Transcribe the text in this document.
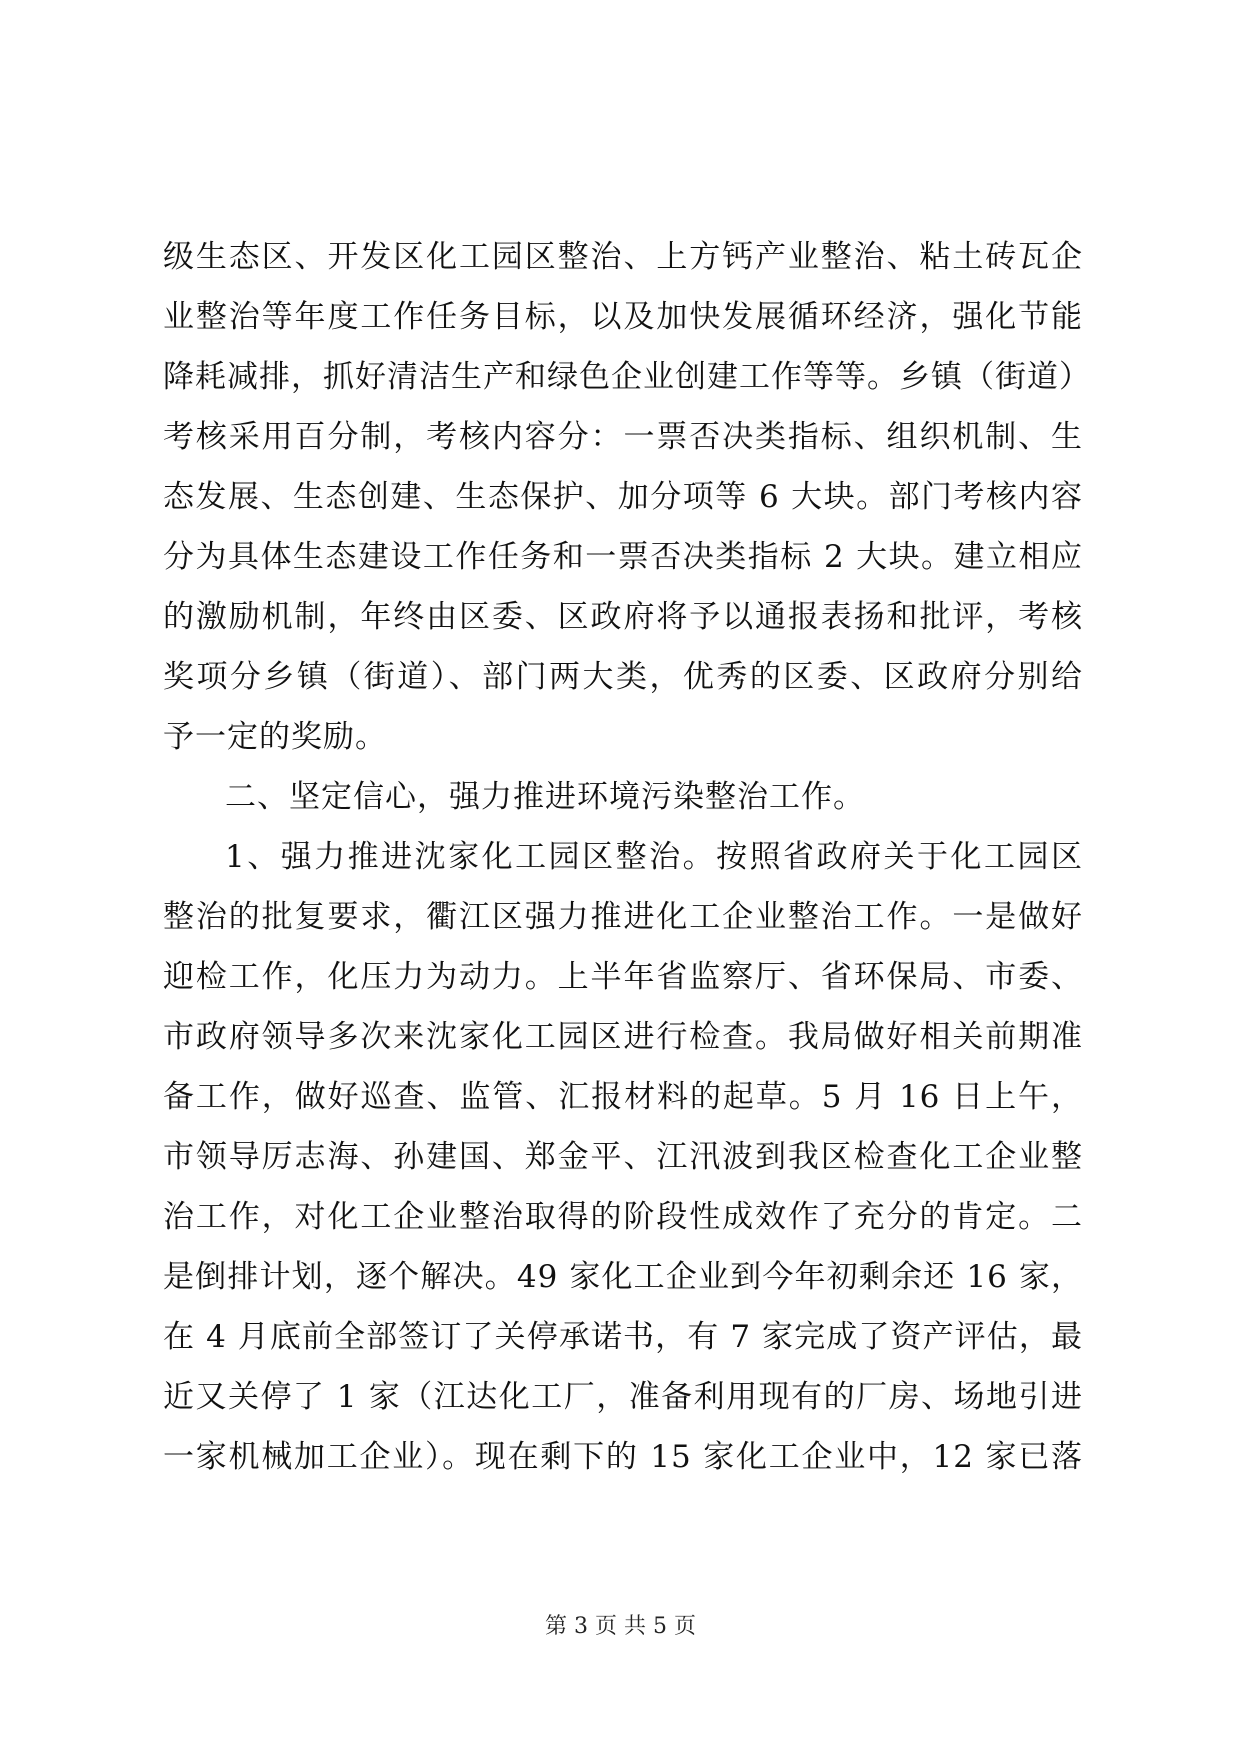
级生态区、开发区化工园区整治、上方钙产业整治、粘土砖瓦企
业整治等年度工作任务目标，以及加快发展循环经济，强化节能
降耗减排，抓好清洁生产和绿色企业创建工作等等。乡镇（街道）
考核采用百分制，考核内容分：一票否决类指标、组织机制、生
态发展、生态创建、生态保护、加分项等 6 大块。部门考核内容
分为具体生态建设工作任务和一票否决类指标 2 大块。建立相应
的激励机制，年终由区委、区政府将予以通报表扬和批评，考核
奖项分乡镇（街道）、部门两大类，优秀的区委、区政府分别给
予一定的奖励。
二、坚定信心，强力推进环境污染整治工作。
1、强力推进沈家化工园区整治。按照省政府关于化工园区
整治的批复要求，衢江区强力推进化工企业整治工作。一是做好
迎检工作，化压力为动力。上半年省监察厅、省环保局、市委、
市政府领导多次来沈家化工园区进行检查。我局做好相关前期准
备工作，做好巡查、监管、汇报材料的起草。5 月 16 日上午，
市领导厉志海、孙建国、郑金平、江汛波到我区检查化工企业整
治工作，对化工企业整治取得的阶段性成效作了充分的肯定。二
是倒排计划，逐个解决。49 家化工企业到今年初剩余还 16 家，
在 4 月底前全部签订了关停承诺书，有 7 家完成了资产评估，最
近又关停了 1 家（江达化工厂，准备利用现有的厂房、场地引进
一家机械加工企业）。现在剩下的 15 家化工企业中，12 家已落
第 3 页 共 5 页
